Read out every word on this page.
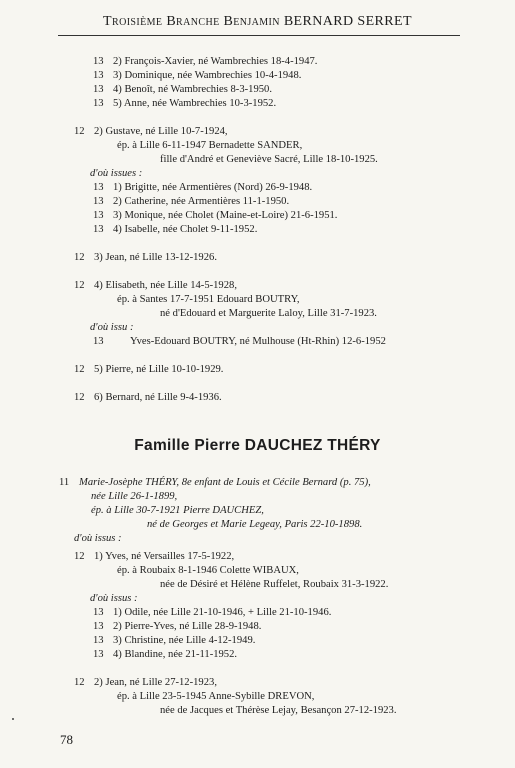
Troisième Branche Benjamin BERNARD SERRET
13 2) François-Xavier, né Wambrechies 18-4-1947.
13 3) Dominique, née Wambrechies 10-4-1948.
13 4) Benoît, né Wambrechies 8-3-1950.
13 5) Anne, née Wambrechies 10-3-1952.
12 2) Gustave, né Lille 10-7-1924,
ép. à Lille 6-11-1947 Bernadette SANDER,
fille d'André et Geneviève Sacré, Lille 18-10-1925.
d'où issues :
13 1) Brigitte, née Armentières (Nord) 26-9-1948.
13 2) Catherine, née Armentières 11-1-1950.
13 3) Monique, née Cholet (Maine-et-Loire) 21-6-1951.
13 4) Isabelle, née Cholet 9-11-1952.
12 3) Jean, né Lille 13-12-1926.
12 4) Elisabeth, née Lille 14-5-1928,
ép. à Santes 17-7-1951 Edouard BOUTRY,
né d'Edouard et Marguerite Laloy, Lille 31-7-1923.
d'où issu :
13 Yves-Edouard BOUTRY, né Mulhouse (Ht-Rhin) 12-6-1952
12 5) Pierre, né Lille 10-10-1929.
12 6) Bernard, né Lille 9-4-1936.
Famille Pierre DAUCHEZ THÉRY
11 Marie-Josèphe THÉRY, 8e enfant de Louis et Cécile Bernard (p. 75),
née Lille 26-1-1899,
ép. à Lille 30-7-1921 Pierre DAUCHEZ,
né de Georges et Marie Legeay, Paris 22-10-1898.
d'où issus :
12 1) Yves, né Versailles 17-5-1922,
ép. à Roubaix 8-1-1946 Colette WIBAUX,
née de Désiré et Hélène Ruffelet, Roubaix 31-3-1922.
d'où issus :
13 1) Odile, née Lille 21-10-1946, + Lille 21-10-1946.
13 2) Pierre-Yves, né Lille 28-9-1948.
13 3) Christine, née Lille 4-12-1949.
13 4) Blandine, née 21-11-1952.
12 2) Jean, né Lille 27-12-1923,
ép. à Lille 23-5-1945 Anne-Sybille DREVON,
née de Jacques et Thérèse Lejay, Besançon 27-12-1923.
78
